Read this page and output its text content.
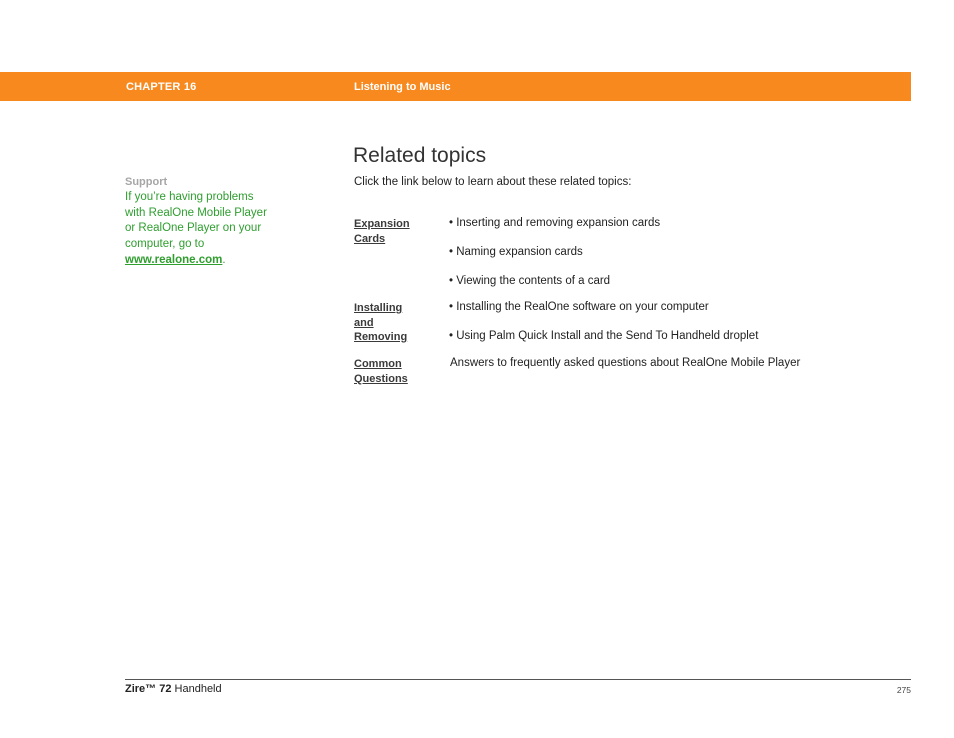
CHAPTER 16	Listening to Music
Related topics
Click the link below to learn about these related topics:
Support
If you’re having problems
with RealOne Mobile Player
or RealOne Player on your
computer, go to
www.realone.com.
Expansion
Cards
• Inserting and removing expansion cards
• Naming expansion cards
• Viewing the contents of a card
Installing
and
Removing
• Installing the RealOne software on your computer
• Using Palm Quick Install and the Send To Handheld droplet
Common
Questions
Answers to frequently asked questions about RealOne Mobile Player
Zire™ 72 Handheld	275
